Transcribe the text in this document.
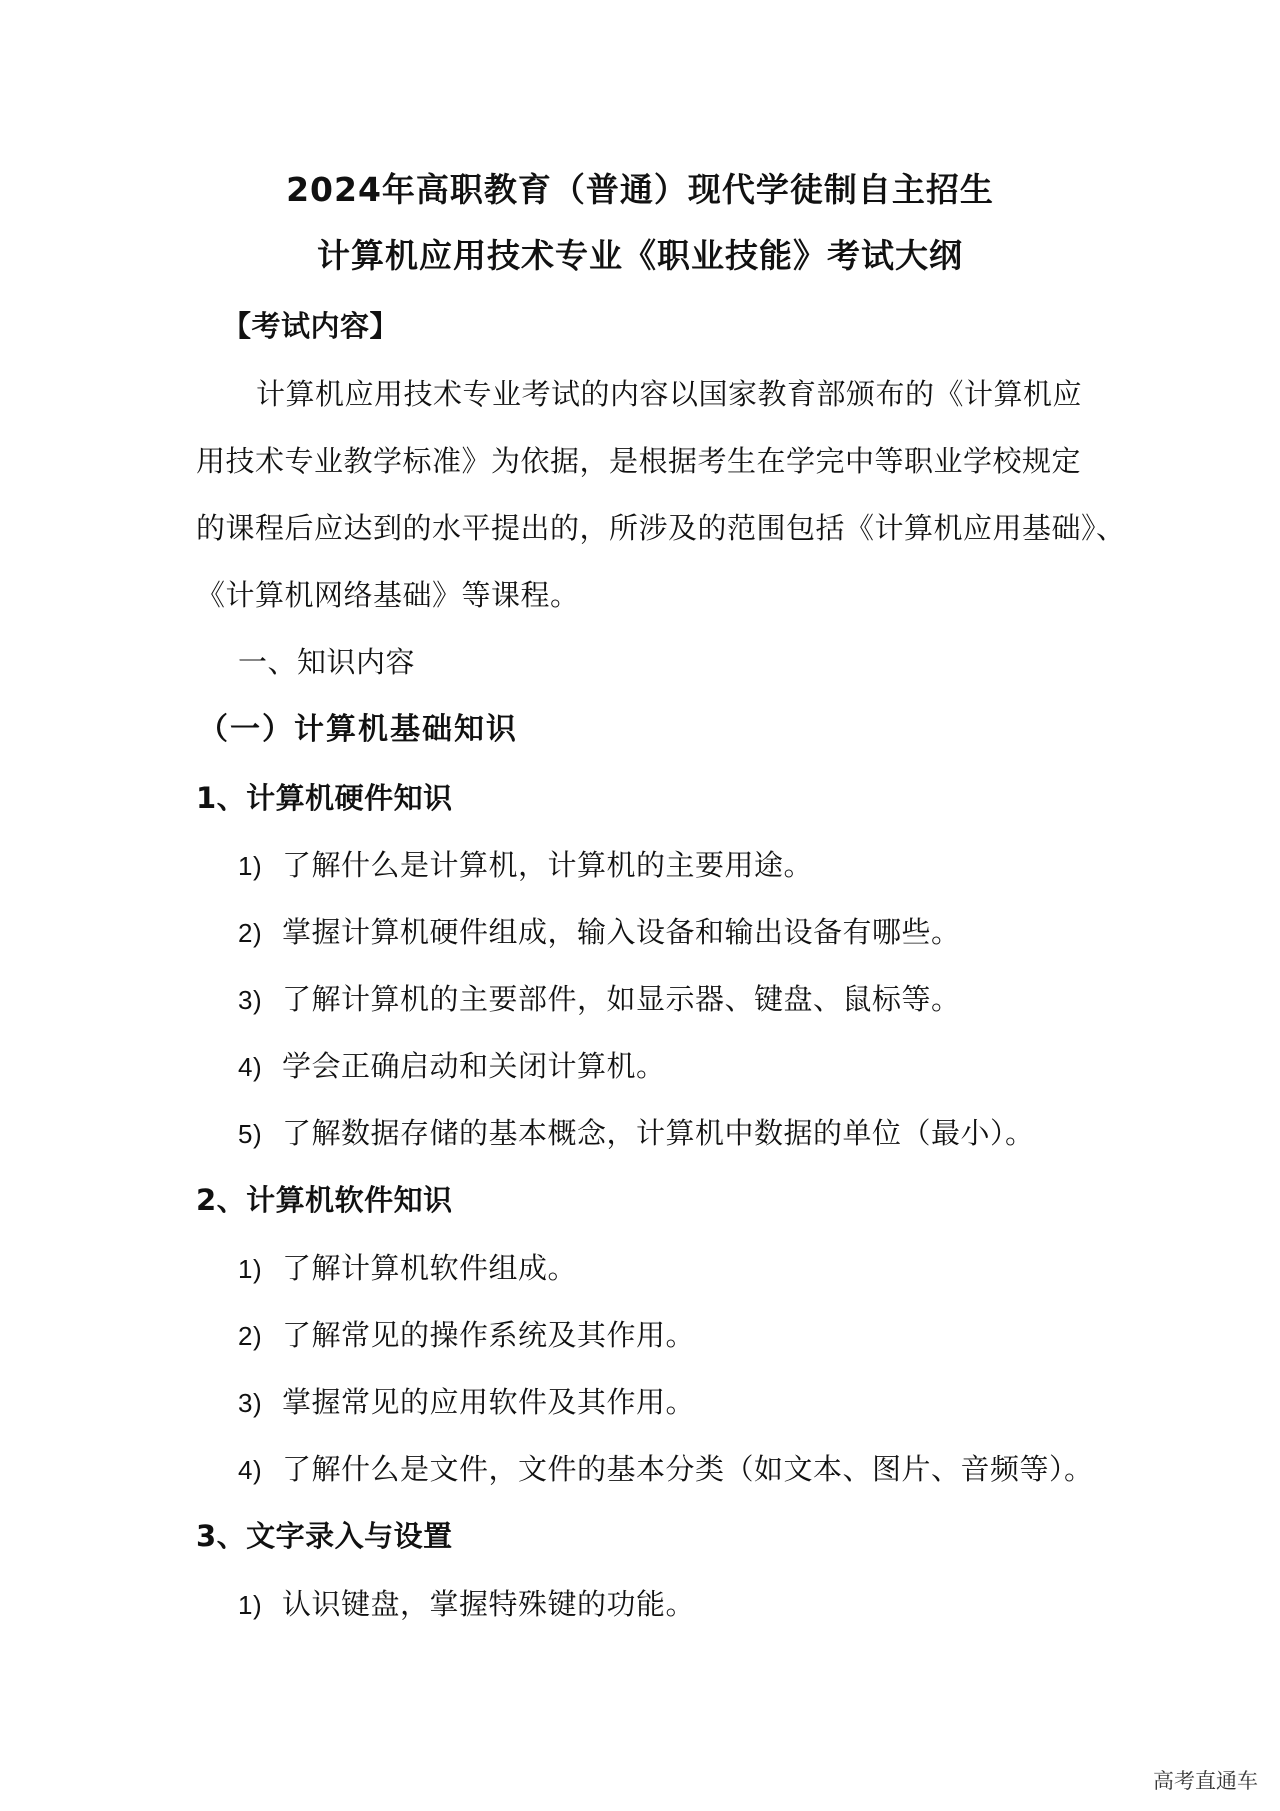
2024年高职教育（普通）现代学徒制自主招生
计算机应用技术专业《职业技能》考试大纲
【考试内容】
计算机应用技术专业考试的内容以国家教育部颁布的《计算机应
用技术专业教学标准》为依据，是根据考生在学完中等职业学校规定
的课程后应达到的水平提出的，所涉及的范围包括《计算机应用基础》、
《计算机网络基础》等课程。
一、知识内容
（一）计算机基础知识
1、计算机硬件知识
1) 了解什么是计算机，计算机的主要用途。
2) 掌握计算机硬件组成，输入设备和输出设备有哪些。
3) 了解计算机的主要部件，如显示器、键盘、鼠标等。
4) 学会正确启动和关闭计算机。
5) 了解数据存储的基本概念，计算机中数据的单位（最小）。
2、计算机软件知识
1) 了解计算机软件组成。
2) 了解常见的操作系统及其作用。
3) 掌握常见的应用软件及其作用。
4) 了解什么是文件，文件的基本分类（如文本、图片、音频等）。
3、文字录入与设置
1) 认识键盘，掌握特殊键的功能。
高考直通车
